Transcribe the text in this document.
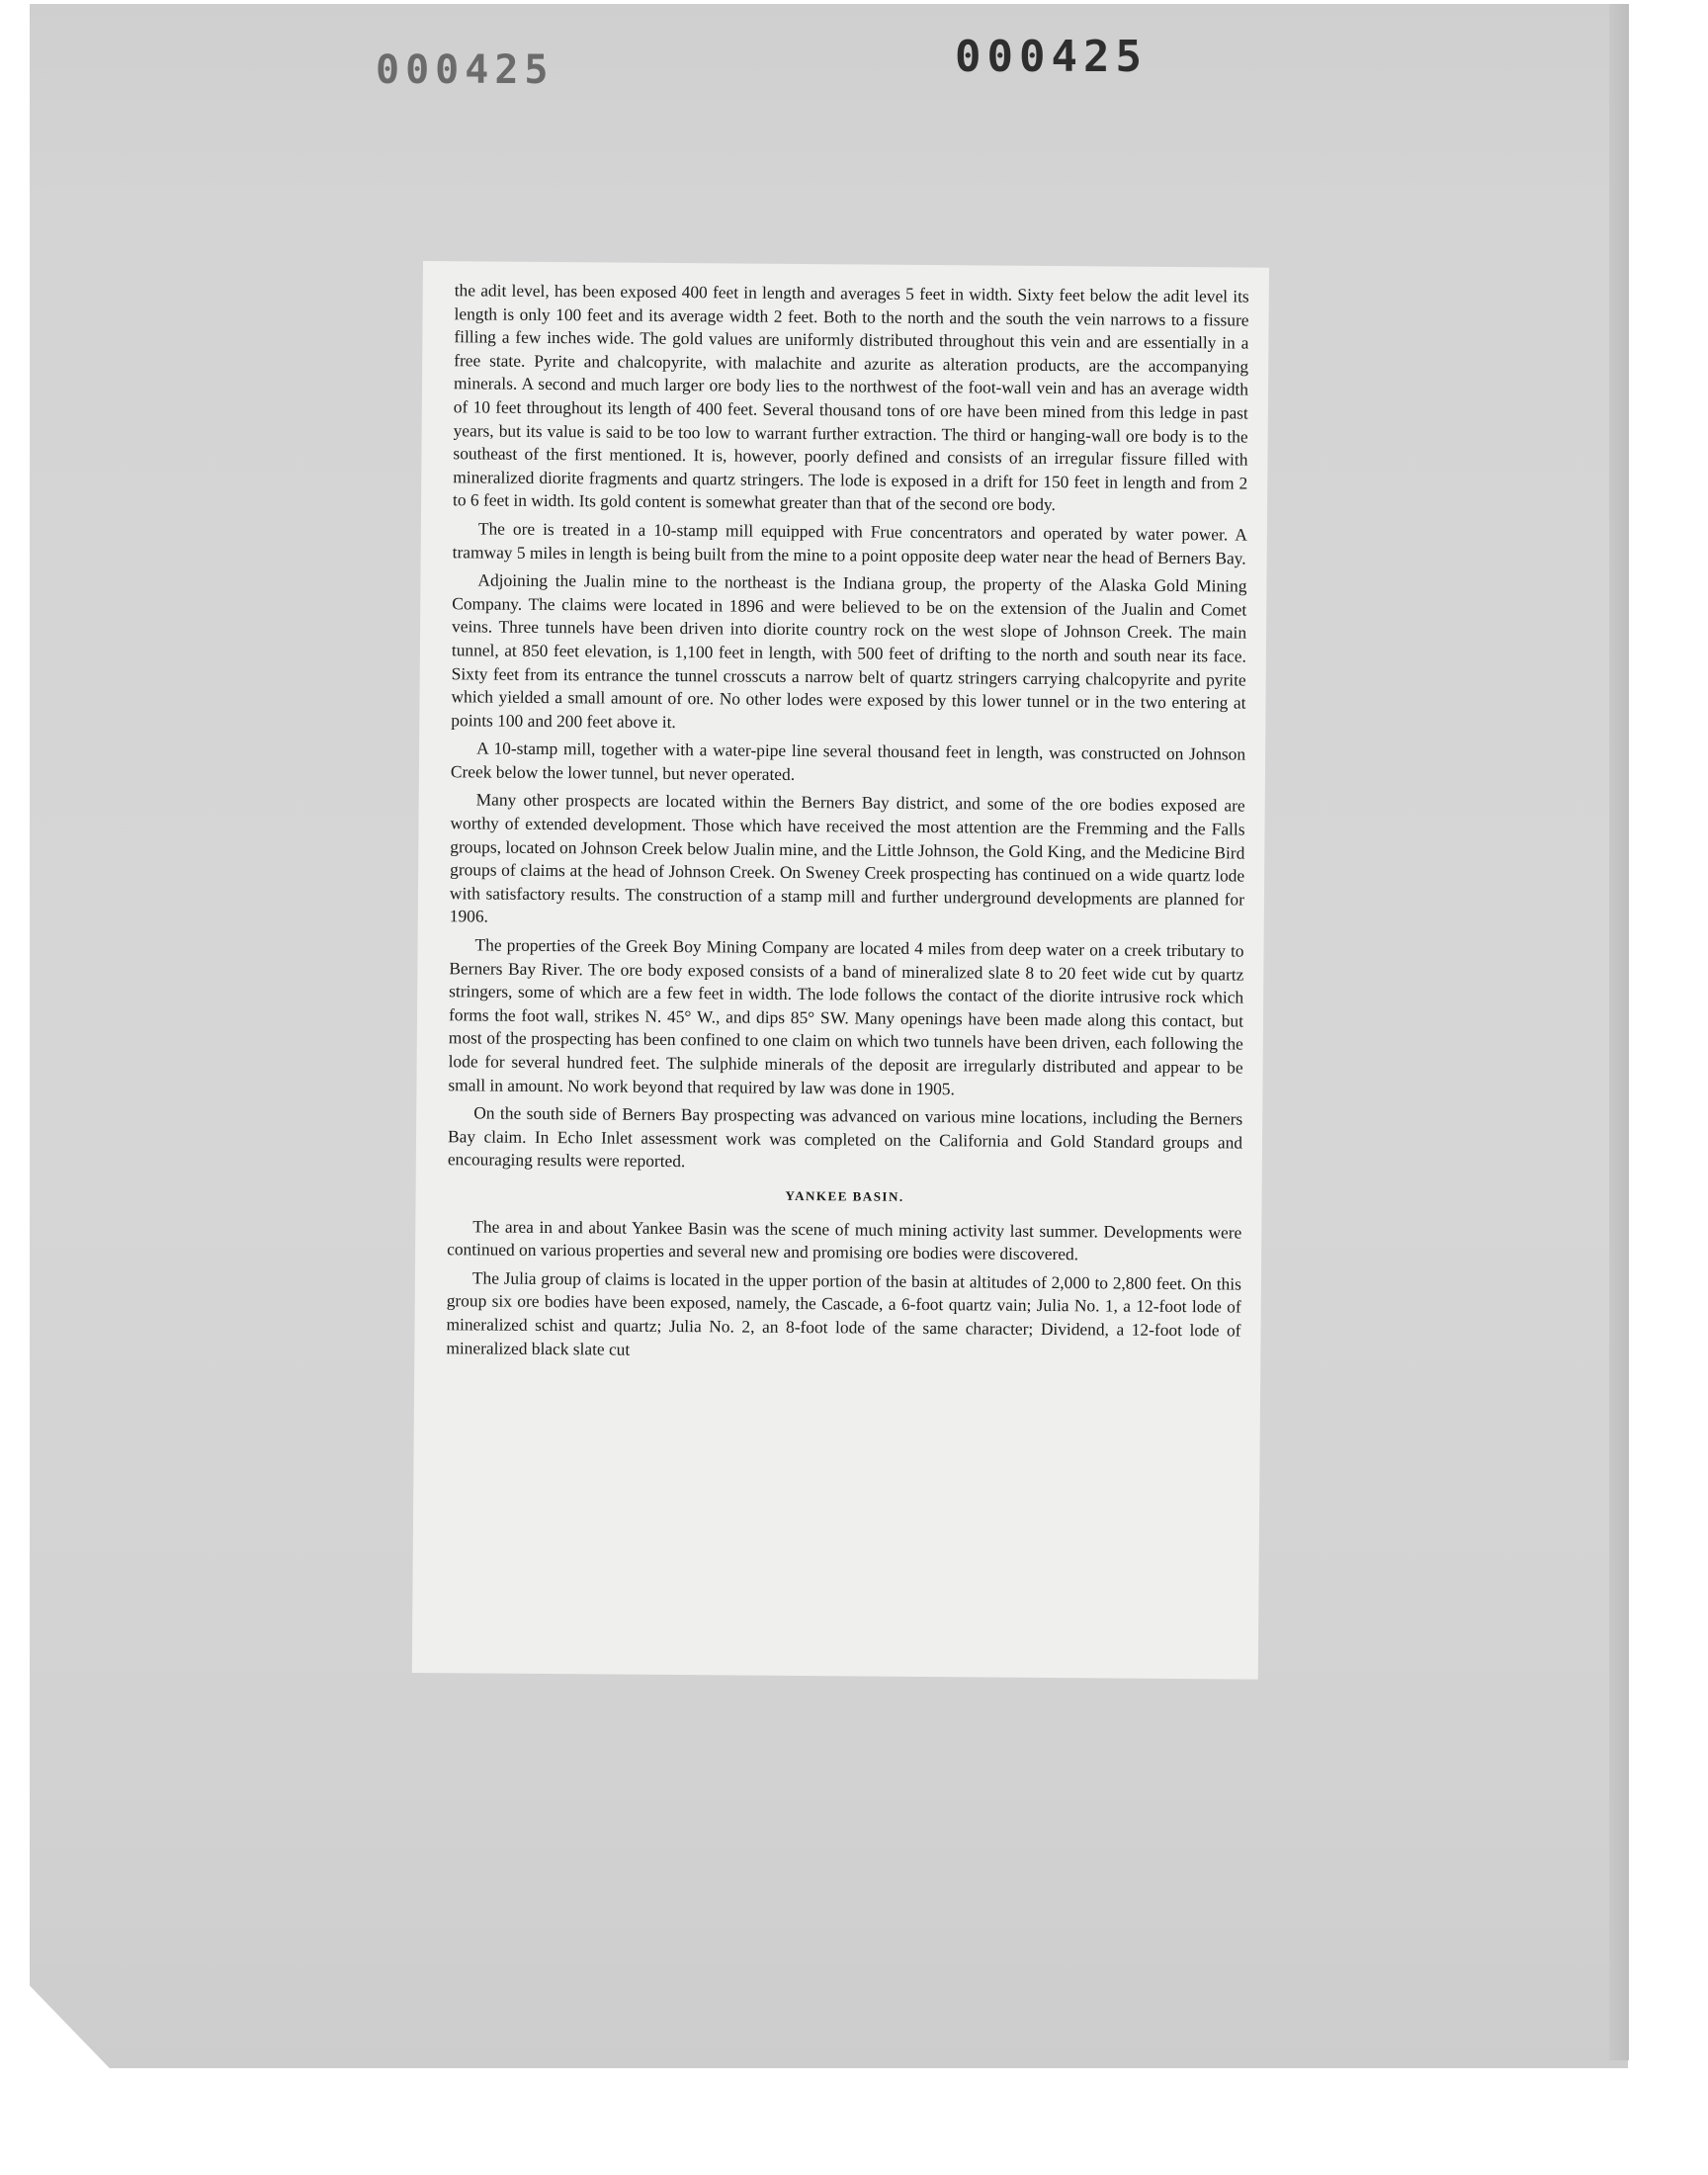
000425	000425

the adit level, has been exposed 400 feet in length and averages 5 feet in width. Sixty feet below the adit level its length is only 100 feet and its average width 2 feet. Both to the north and the south the vein narrows to a fissure filling a few inches wide. The gold values are uniformly distributed throughout this vein and are essentially in a free state. Pyrite and chalcopyrite, with malachite and azurite as alteration products, are the accompanying minerals. A second and much larger ore body lies to the northwest of the foot-wall vein and has an average width of 10 feet throughout its length of 400 feet. Several thousand tons of ore have been mined from this ledge in past years, but its value is said to be too low to warrant further extraction. The third or hanging-wall ore body is to the southeast of the first mentioned. It is, however, poorly defined and consists of an irregular fissure filled with mineralized diorite fragments and quartz stringers. The lode is exposed in a drift for 150 feet in length and from 2 to 6 feet in width. Its gold content is somewhat greater than that of the second ore body.

The ore is treated in a 10-stamp mill equipped with Frue concentrators and operated by water power. A tramway 5 miles in length is being built from the mine to a point opposite deep water near the head of Berners Bay.

Adjoining the Jualin mine to the northeast is the Indiana group, the property of the Alaska Gold Mining Company. The claims were located in 1896 and were believed to be on the extension of the Jualin and Comet veins. Three tunnels have been driven into diorite country rock on the west slope of Johnson Creek. The main tunnel, at 850 feet elevation, is 1,100 feet in length, with 500 feet of drifting to the north and south near its face. Sixty feet from its entrance the tunnel crosscuts a narrow belt of quartz stringers carrying chalcopyrite and pyrite which yielded a small amount of ore. No other lodes were exposed by this lower tunnel or in the two entering at points 100 and 200 feet above it.

A 10-stamp mill, together with a water-pipe line several thousand feet in length, was constructed on Johnson Creek below the lower tunnel, but never operated.

Many other prospects are located within the Berners Bay district, and some of the ore bodies exposed are worthy of extended development. Those which have received the most attention are the Fremming and the Falls groups, located on Johnson Creek below Jualin mine, and the Little Johnson, the Gold King, and the Medicine Bird groups of claims at the head of Johnson Creek. On Sweney Creek prospecting has continued on a wide quartz lode with satisfactory results. The construction of a stamp mill and further underground developments are planned for 1906.

The properties of the Greek Boy Mining Company are located 4 miles from deep water on a creek tributary to Berners Bay River. The ore body exposed consists of a band of mineralized slate 8 to 20 feet wide cut by quartz stringers, some of which are a few feet in width. The lode follows the contact of the diorite intrusive rock which forms the foot wall, strikes N. 45° W., and dips 85° SW. Many openings have been made along this contact, but most of the prospecting has been confined to one claim on which two tunnels have been driven, each following the lode for several hundred feet. The sulphide minerals of the deposit are irregularly distributed and appear to be small in amount. No work beyond that required by law was done in 1905.

On the south side of Berners Bay prospecting was advanced on various mine locations, including the Berners Bay claim. In Echo Inlet assessment work was completed on the California and Gold Standard groups and encouraging results were reported.

YANKEE BASIN.

The area in and about Yankee Basin was the scene of much mining activity last summer. Developments were continued on various properties and several new and promising ore bodies were discovered.

The Julia group of claims is located in the upper portion of the basin at altitudes of 2,000 to 2,800 feet. On this group six ore bodies have been exposed, namely, the Cascade, a 6-foot quartz vain; Julia No. 1, a 12-foot lode of mineralized schist and quartz; Julia No. 2, an 8-foot lode of the same character; Dividend, a 12-foot lode of mineralized black slate cut
